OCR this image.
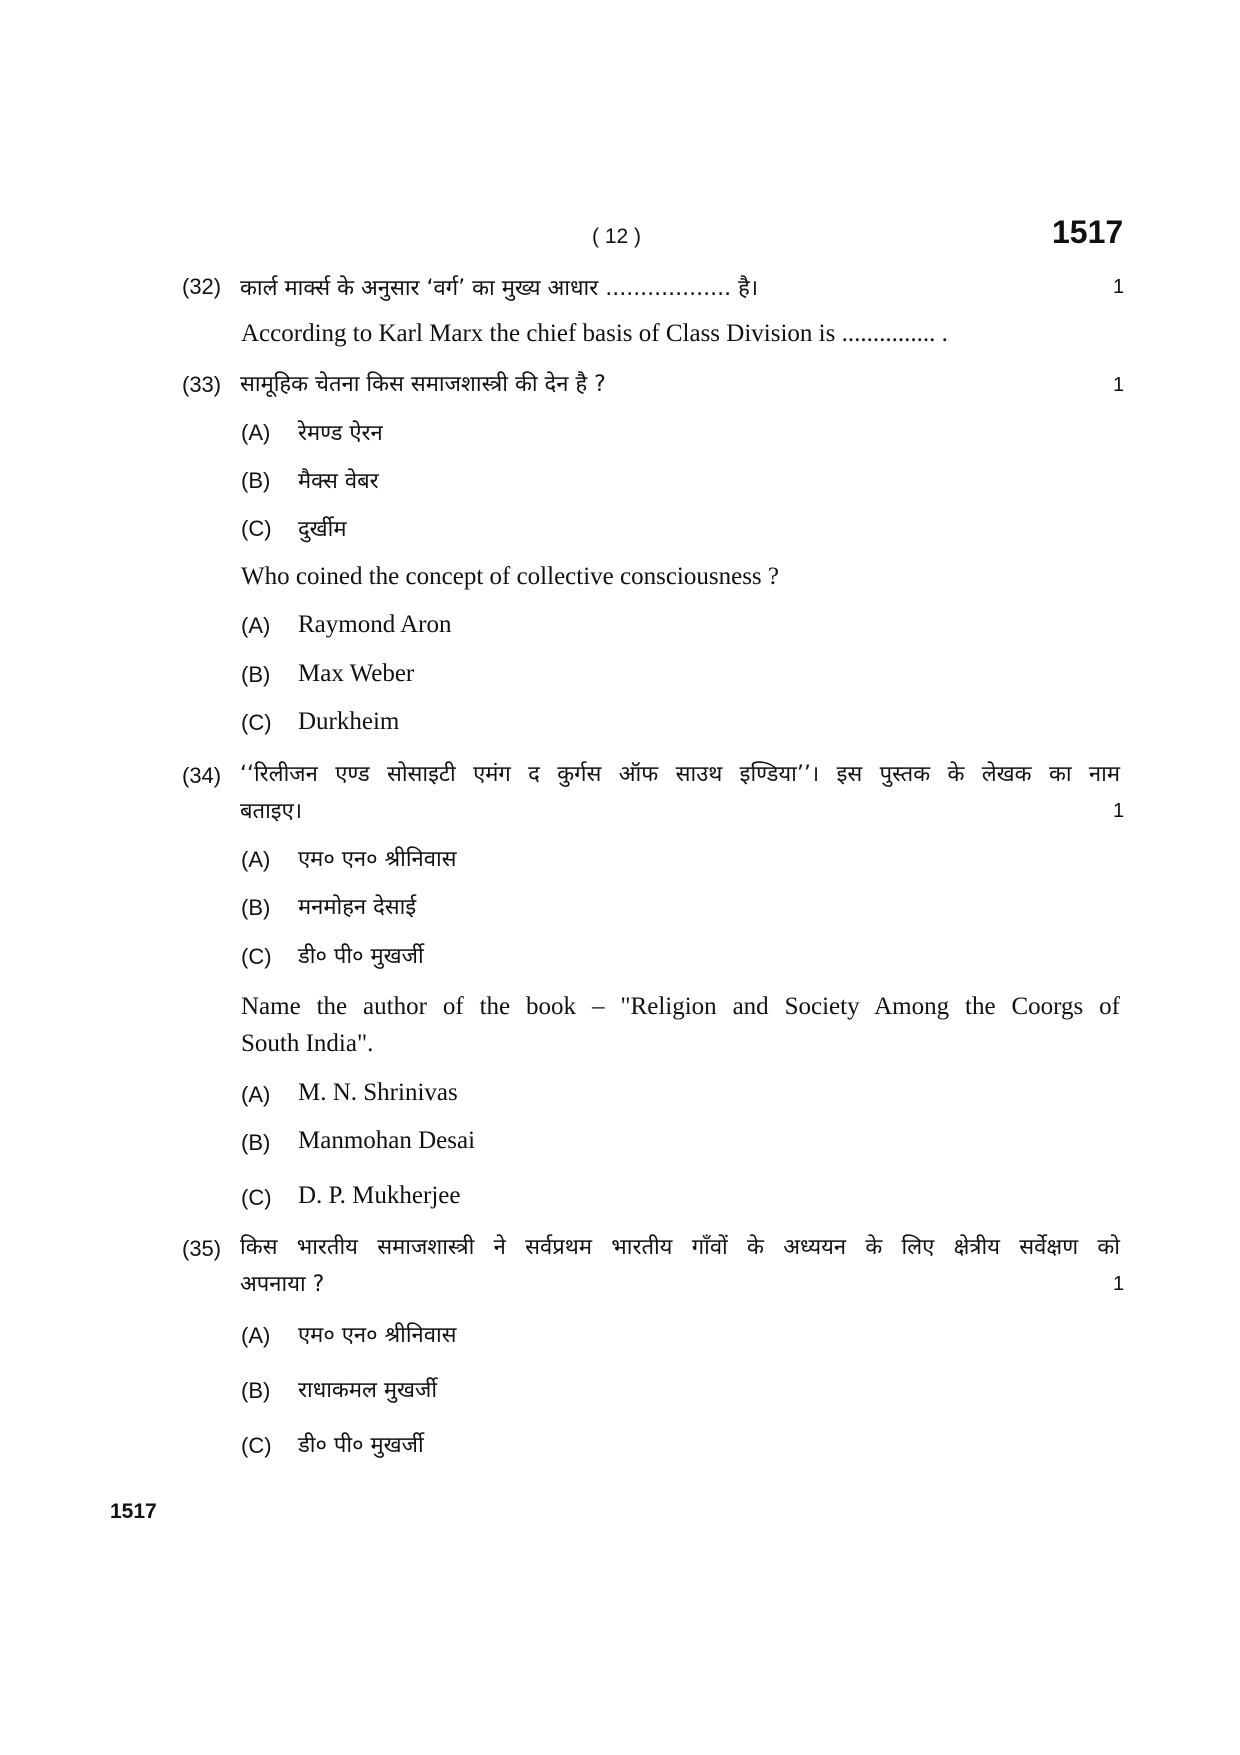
( 12 )	1517
(32) कार्ल मार्क्स के अनुसार ‘वर्ग’ का मुख्य आधार .................. है।	1
According to Karl Marx the chief basis of Class Division is ............... .
(33) सामूहिक चेतना किस समाजशास्त्री की देन है ?	1
(A) रेमण्ड ऐरन
(B) मैक्स वेबर
(C) दुर्खीम
Who coined the concept of collective consciousness ?
(A) Raymond Aron
(B) Max Weber
(C) Durkheim
(34) ‘‘रिलीजन एण्ड सोसाइटी एमंग द कुर्गस ऑफ साउथ इण्डिया’’। इस पुस्तक के लेखक का नाम
बताइए।	1
(A) एम० एन० श्रीनिवास
(B) मनमोहन देसाई
(C) डी० पी० मुखर्जी
Name the author of the book – "Religion and Society Among the Coorgs of
South India".
(A) M. N. Shrinivas
(B) Manmohan Desai
(C) D. P. Mukherjee
(35) किस भारतीय समाजशास्त्री ने सर्वप्रथम भारतीय गाँवों के अध्ययन के लिए क्षेत्रीय सर्वेक्षण को
अपनाया ?	1
(A) एम० एन० श्रीनिवास
(B) राधाकमल मुखर्जी
(C) डी० पी० मुखर्जी
1517
